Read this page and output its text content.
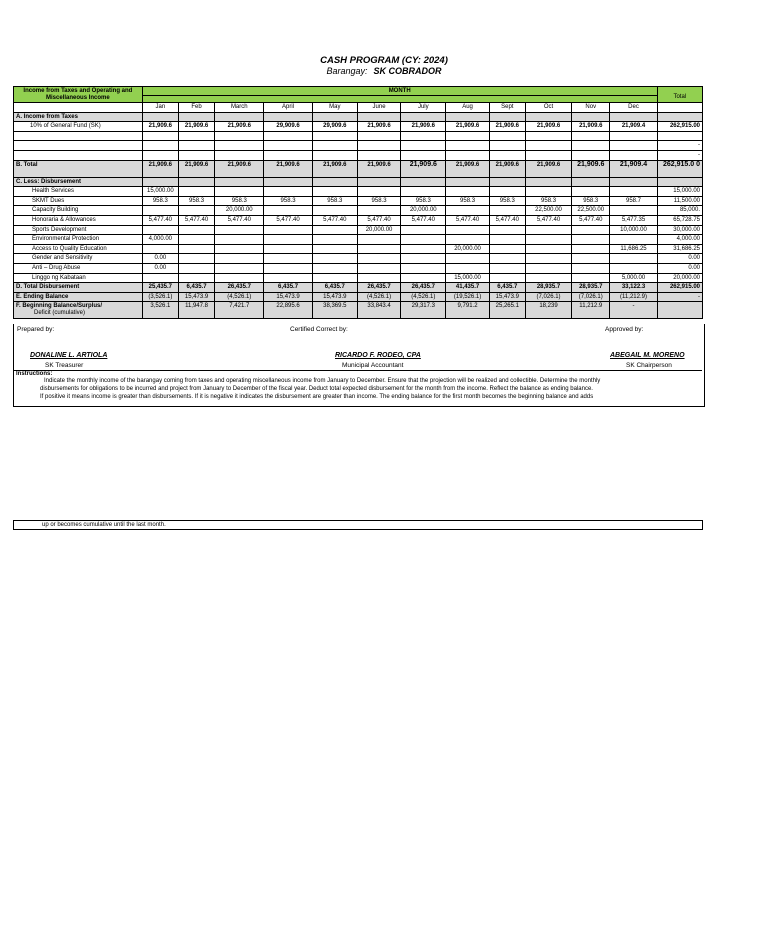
CASH PROGRAM (CY: 2024)
Barangay: SK COBRADOR
Income from Taxes and Operating and Miscellaneous Income	MONTH												Total

	Jan	Feb	March	April	May	June	July	Aug	Sept	Oct	Nov	Dec	
A. Income from Taxes													
10% of General Fund (SK)	21,909.6	21,909.6	21,909.6	29,909.6	29,909.6	21,909.6	21,909.6	21,909.6	21,909.6	21,909.6	21,909.6	21,909.4	262,915.00

													-
													-
B. Total	21,909.6	21,909.6	21,909.6	21,909.6	21,909.6	21,909.6	21,909.6	21,909.6	21,909.6	21,909.6	21,909.6	21,909.4	262,915.0 0
C. Less: Disbursement													
Health Services	15,000.00												15,000.00
SKMT Dues	958.3	958.3	958.3	958.3	958.3	958.3	958.3	958.3	958.3	958.3	958.3	958.7	11,500.00
Capacity Building			20,000.00				20,000.00			22,500.00	22,500.00		85,000.
Honoraria & Allowances	5,477.40	5,477.40	5,477.40	5,477.40	5,477.40	5,477.40	5,477.40	5,477.40	5,477.40	5,477.40	5,477.40	5,477.35	65,728.75
Sports Development						20,000.00						10,000.00	30,000.00
Environmental Protection	4,000.00												4,000.00
Access to Quality Education								20,000.00				11,686.25	31,686.25
Gender and Sensitivity	0.00												0.00
Anti – Drug Abuse	0.00												0.00
Linggo ng Kabataan								15,000.00				5,000.00	20,000.00
D. Total Disbursement	25,435.7	6,435.7	26,435.7	6,435.7	6,435.7	26,435.7	26,435.7	41,435.7	6,435.7	28,935.7	28,935.7	33,122.3	262,915.00
E. Ending Balance	(3,526.1)	15,473.9	(4,526.1)	15,473.9	15,473.9	(4,526.1)	(4,526.1)	(19,526.1)	15,473.9	(7,026.1)	(7,026.1)	(11,212.9)	-

F. Beginning Balance/Surplus/
Deficit (cumulative)	3,526.1	11,947.8	7,421.7	22,895.6	38,369.5	33,843.4	29,317.3	9,791.2	25,265.1	18,239	11,212.9	-	
Prepared by:	Certified Correct by:	Approved by:
DONALINE L. ARTIOLA
SK Treasurer
RICARDO F. RODEO, CPA
Municipal Accountant
ABEGAIL M. MORENO
SK Chairperson
Instructions:
Indicate the monthly income of the barangay coming from taxes and operating miscellaneous income from January to December. Ensure that the projection will be realized and collectible. Determine the monthly
disbursements for obligations to be incurred and project from January to December of the fiscal year. Deduct total expected disbursement for the month from the income. Reflect the balance as ending balance.
If positive it means income is greater than disbursements. If it is negative it indicates the disbursement are greater than income. The ending balance for the first month becomes the beginning balance and adds
up or becomes cumulative until the last month.
